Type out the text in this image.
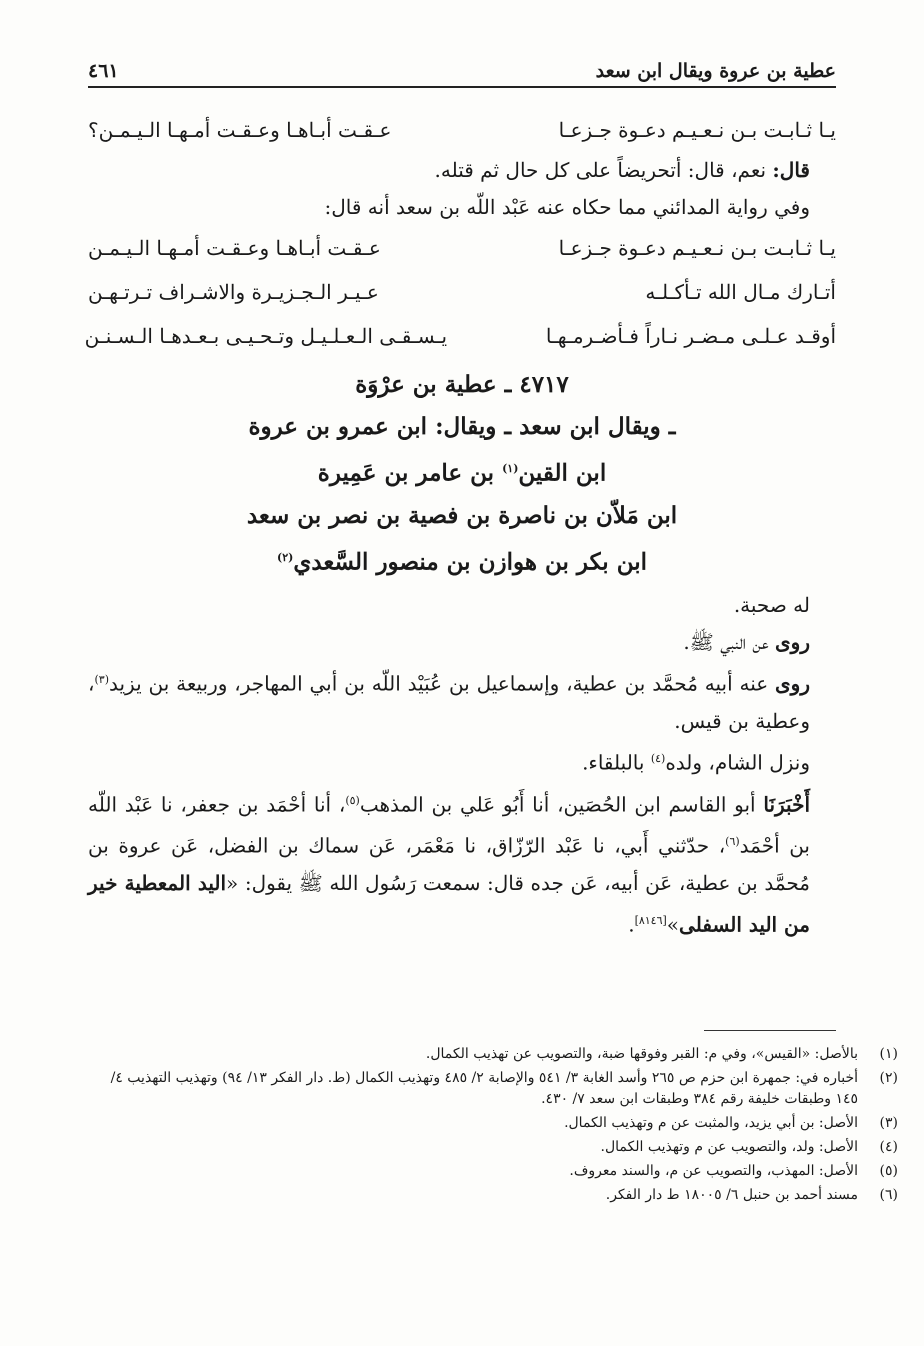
عطية بن عروة ويقال ابن سعد
٤٦١
يـا ثـابـت بـن نـعـيـم دعـوة جـزعـا
عـقـت أبـاهـا وعـقـت أمـهـا الـيـمـن؟

قال: نعم، قال: أتحريضاً على كل حال ثم قتله.

وفي رواية المدائني مما حكاه عنه عَبْد اللّه بن سعد أنه قال:

يـا ثـابـت بـن نـعـيـم دعـوة جـزعـا
عـقـت أبـاهـا وعـقـت أمـهـا الـيـمـن
أتـارك مـال الله تـأكـلـه
عـيـر الـجـزيـرة والاشـراف تـرتـهـن
أوقـد عـلـى مـضـر نـاراً فـأضـرمـهـا
يـسـقـى الـعـلـيـل وتـحـيـى بـعـدهـا الـسـنـن
٤٧١٧ ـ عطية بن عرْوَة
ـ ويقال ابن سعد ـ ويقال: ابن عمرو بن عروة
ابن القين$^{(١)}$ بن عامر بن عَمِيرة
ابن مَلاّن بن ناصرة بن فصية بن نصر بن سعد
ابن بكر بن هوازن بن منصور السَّعدي$^{(٢)}$

له صحبة.

روى عن النبي ﷺ.

روى عنه أبيه مُحمَّد بن عطية، وإسماعيل بن عُبَيْد اللّه بن أبي المهاجر، وربيعة بن يزيد$^{(٣)}$، وعطية بن قيس.

ونزل الشام، ولده$^{(٤)}$ بالبلقاء.

أَخْبَرَنَا أبو القاسم ابن الحُصَين، أنا أَبُو عَلي بن المذهب$^{(٥)}$، أنا أحْمَد بن جعفر، نا عَبْد اللّه بن أحْمَد$^{(٦)}$، حدّثني أَبي، نا عَبْد الرّزّاق، نا مَعْمَر، عَن سماك بن الفضل، عَن عروة بن مُحمَّد بن عطية، عَن أبيه، عَن جده قال: سمعت رَسُول الله ﷺ يقول: «اليد المعطية خير من اليد السفلى»[٨١٤٦].

(١)
بالأصل: «القيس»، وفي م: القبر وفوقها ضبة، والتصويب عن تهذيب الكمال.
(٢)
أخباره في: جمهرة ابن حزم ص ٢٦٥ وأسد الغابة ٣/ ٥٤١ والإصابة ٢/ ٤٨٥ وتهذيب الكمال (ط. دار الفكر ١٣/ ٩٤) وتهذيب التهذيب ٤/ ١٤٥ وطبقات خليفة رقم ٣٨٤ وطبقات ابن سعد ٧/ ٤٣٠.
(٣)
الأصل: بن أبي يزيد، والمثبت عن م وتهذيب الكمال.
(٤)
الأصل: ولد، والتصويب عن م وتهذيب الكمال.
(٥)
الأصل: المهذب، والتصويب عن م، والسند معروف.
(٦)
مسند أحمد بن حنبل ٦/ ١٨٠٠٥ ط دار الفكر.
